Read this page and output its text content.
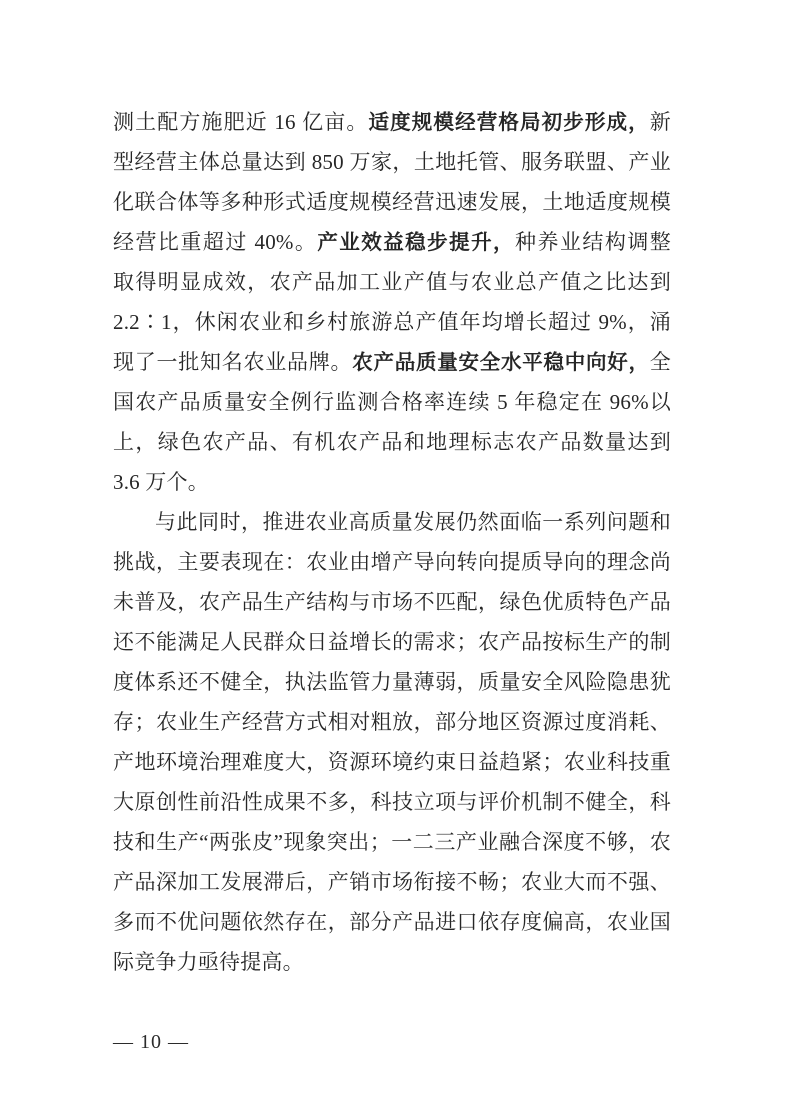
测土配方施肥近 16 亿亩。适度规模经营格局初步形成，新
型经营主体总量达到 850 万家，土地托管、服务联盟、产业
化联合体等多种形式适度规模经营迅速发展，土地适度规模
经营比重超过 40%。产业效益稳步提升，种养业结构调整
取得明显成效，农产品加工业产值与农业总产值之比达到
2.2∶1，休闲农业和乡村旅游总产值年均增长超过 9%，涌
现了一批知名农业品牌。农产品质量安全水平稳中向好，全
国农产品质量安全例行监测合格率连续 5 年稳定在 96%以
上，绿色农产品、有机农产品和地理标志农产品数量达到
3.6 万个。
与此同时，推进农业高质量发展仍然面临一系列问题和
挑战，主要表现在：农业由增产导向转向提质导向的理念尚
未普及，农产品生产结构与市场不匹配，绿色优质特色产品
还不能满足人民群众日益增长的需求；农产品按标生产的制
度体系还不健全，执法监管力量薄弱，质量安全风险隐患犹
存；农业生产经营方式相对粗放，部分地区资源过度消耗、
产地环境治理难度大，资源环境约束日益趋紧；农业科技重
大原创性前沿性成果不多，科技立项与评价机制不健全，科
技和生产“两张皮”现象突出；一二三产业融合深度不够，农
产品深加工发展滞后，产销市场衔接不畅；农业大而不强、
多而不优问题依然存在，部分产品进口依存度偏高，农业国
际竞争力亟待提高。
— 10 —
